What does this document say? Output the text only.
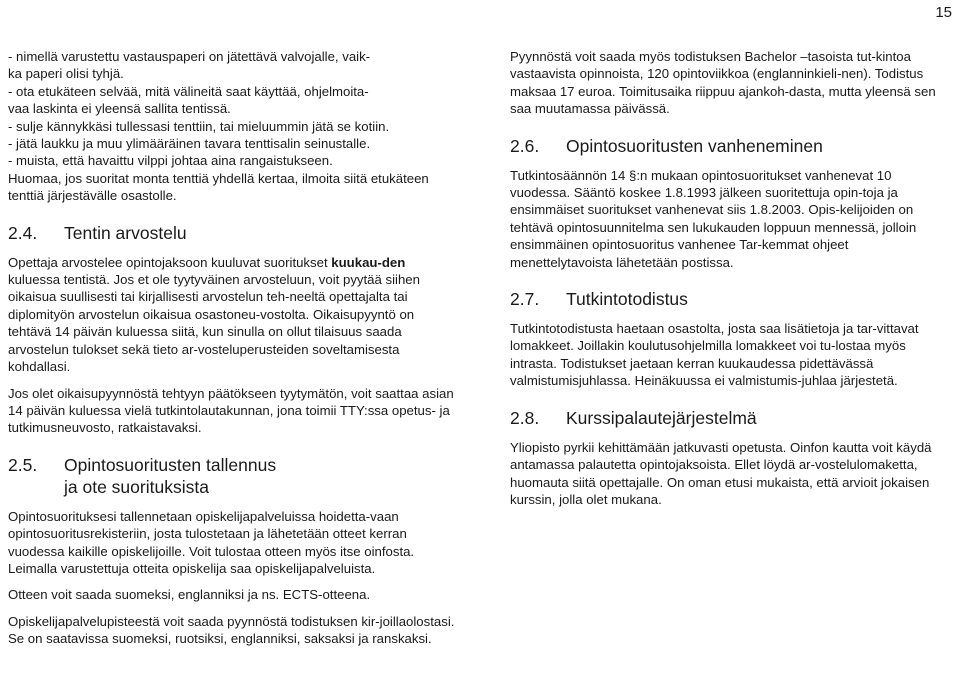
15

- nimellä varustettu vastauspaperi on jätettävä valvojalle, vaik-

ka paperi olisi tyhjä.

- ota etukäteen selvää, mitä välineitä saat käyttää, ohjelmoita-

vaa laskinta ei yleensä sallita tentissä.

- sulje kännykkäsi tullessasi tenttiin, tai mieluummin jätä se kotiin.

- jätä laukku ja muu ylimääräinen tavara tenttisalin seinustalle.

- muista, että havaittu vilppi johtaa aina rangaistukseen.

Huomaa, jos suoritat monta tenttiä yhdellä kertaa, ilmoita siitä etukäteen tenttiä järjestävälle osastolle.

2.4.	Tentin arvostelu

Opettaja arvostelee opintojaksoon kuuluvat suoritukset kuukau-den kuluessa tentistä. Jos et ole tyytyväinen arvosteluun, voit pyytää siihen oikaisua suullisesti tai kirjallisesti arvostelun teh-neeltä opettajalta tai diplomityön arvostelun oikaisua osastoneu-vostolta. Oikaisupyyntö on tehtävä 14 päivän kuluessa siitä, kun sinulla on ollut tilaisuus saada arvostelun tulokset sekä tieto ar-vosteluperusteiden soveltamisesta kohdallasi.

Jos olet oikaisupyynnöstä tehtyyn päätökseen tyytymätön, voit saattaa asian 14 päivän kuluessa vielä tutkintolautakunnan, jona toimii TTY:ssa opetus- ja tutkimusneuvosto, ratkaistavaksi.

2.5.	Opintosuoritusten tallennus
ja ote suorituksista

Opintosuorituksesi tallennetaan opiskelijapalveluissa hoidetta-vaan opintosuoritusrekisteriin, josta tulostetaan ja lähetetään otteet kerran vuodessa kaikille opiskelijoille. Voit tulostaa otteen myös itse oinfosta. Leimalla varustettuja otteita opiskelija saa opiskelijapalveluista.

Otteen voit saada suomeksi, englanniksi ja ns. ECTS-otteena.

Opiskelijapalvelupisteestä voit saada pyynnöstä todistuksen kir-joillaolostasi. Se on saatavissa suomeksi, ruotsiksi, englanniksi, saksaksi ja ranskaksi.

Pyynnöstä voit saada myös todistuksen Bachelor –tasoista tut-kintoa vastaavista opinnoista, 120 opintoviikkoa (englanninkieli-nen). Todistus maksaa 17 euroa. Toimitusaika riippuu ajankoh-dasta, mutta yleensä sen saa muutamassa päivässä.

2.6.	Opintosuoritusten vanheneminen

Tutkintosäännön 14 §:n mukaan opintosuoritukset vanhenevat 10 vuodessa. Sääntö koskee 1.8.1993 jälkeen suoritettuja opin-toja ja ensimmäiset suoritukset vanhenevat siis 1.8.2003. Opis-kelijoiden on tehtävä opintosuunnitelma sen lukukauden loppuun mennessä, jolloin ensimmäinen opintosuoritus vanhenee Tar-kemmat ohjeet menettelytavoista lähetetään postissa.

2.7.	Tutkintotodistus

Tutkintotodistusta haetaan osastolta, josta saa lisätietoja ja tar-vittavat lomakkeet. Joillakin koulutusohjelmilla lomakkeet voi tu-lostaa myös intrasta. Todistukset jaetaan kerran kuukaudessa pidettävässä valmistumisjuhlassa. Heinäkuussa ei valmistumis-juhlaa järjestetä.

2.8.	Kurssipalautejärjestelmä

Yliopisto pyrkii kehittämään jatkuvasti opetusta. Oinfon kautta voit käydä antamassa palautetta opintojaksoista. Ellet löydä ar-vostelulomaketta, huomauta siitä opettajalle. On oman etusi mukaista, että arvioit jokaisen kurssin, jolla olet mukana.
